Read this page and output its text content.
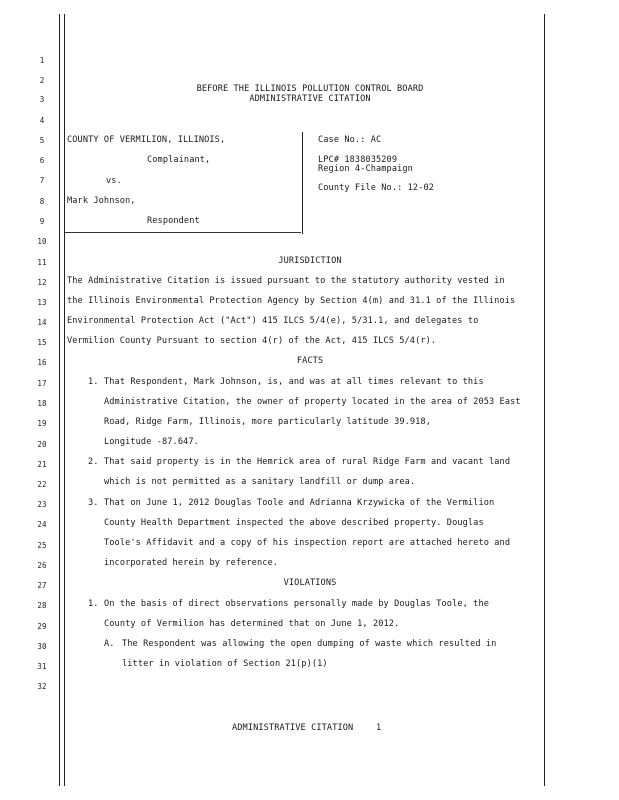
1
2
3
4
5
6
7
8
9
10
11
12
13
14
15
16
17
18
19
20
21
22
23
24
25
26
27
28
29
30
31
32
BEFORE THE ILLINOIS POLLUTION CONTROL BOARD
ADMINISTRATIVE CITATION
COUNTY OF VERMILION, ILLINOIS,
Complainant,
vs.
Mark Johnson,
Respondent
Case No.: AC
LPC# 1838035209
Region 4-Champaign
County File No.: 12-02
JURISDICTION
The Administrative Citation is issued pursuant to the statutory authority vested in
the Illinois Environmental Protection Agency by Section 4(m) and 31.1 of the Illinois
Environmental Protection Act ("Act") 415 ILCS 5/4(e), 5/31.1, and delegates to
Vermilion County Pursuant to section 4(r) of the Act, 415 ILCS 5/4(r).
FACTS
1. That Respondent, Mark Johnson, is, and was at all times relevant to this
Administrative Citation, the owner of property located in the area of 2053 East
Road, Ridge Farm, Illinois, more particularly latitude 39.918,
Longitude -87.647.
2. That said property is in the Hemrick area of rural Ridge Farm and vacant land
which is not permitted as a sanitary landfill or dump area.
3. That on June 1, 2012 Douglas Toole and Adrianna Krzywicka of the Vermilion
County Health Department inspected the above described property. Douglas
Toole's Affidavit and a copy of his inspection report are attached hereto and
incorporated herein by reference.
VIOLATIONS
1. On the basis of direct observations personally made by Douglas Toole, the
County of Vermilion has determined that on June 1, 2012.
A. The Respondent was allowing the open dumping of waste which resulted in
litter in violation of Section 21(p)(1)
ADMINISTRATIVE CITATION	1
